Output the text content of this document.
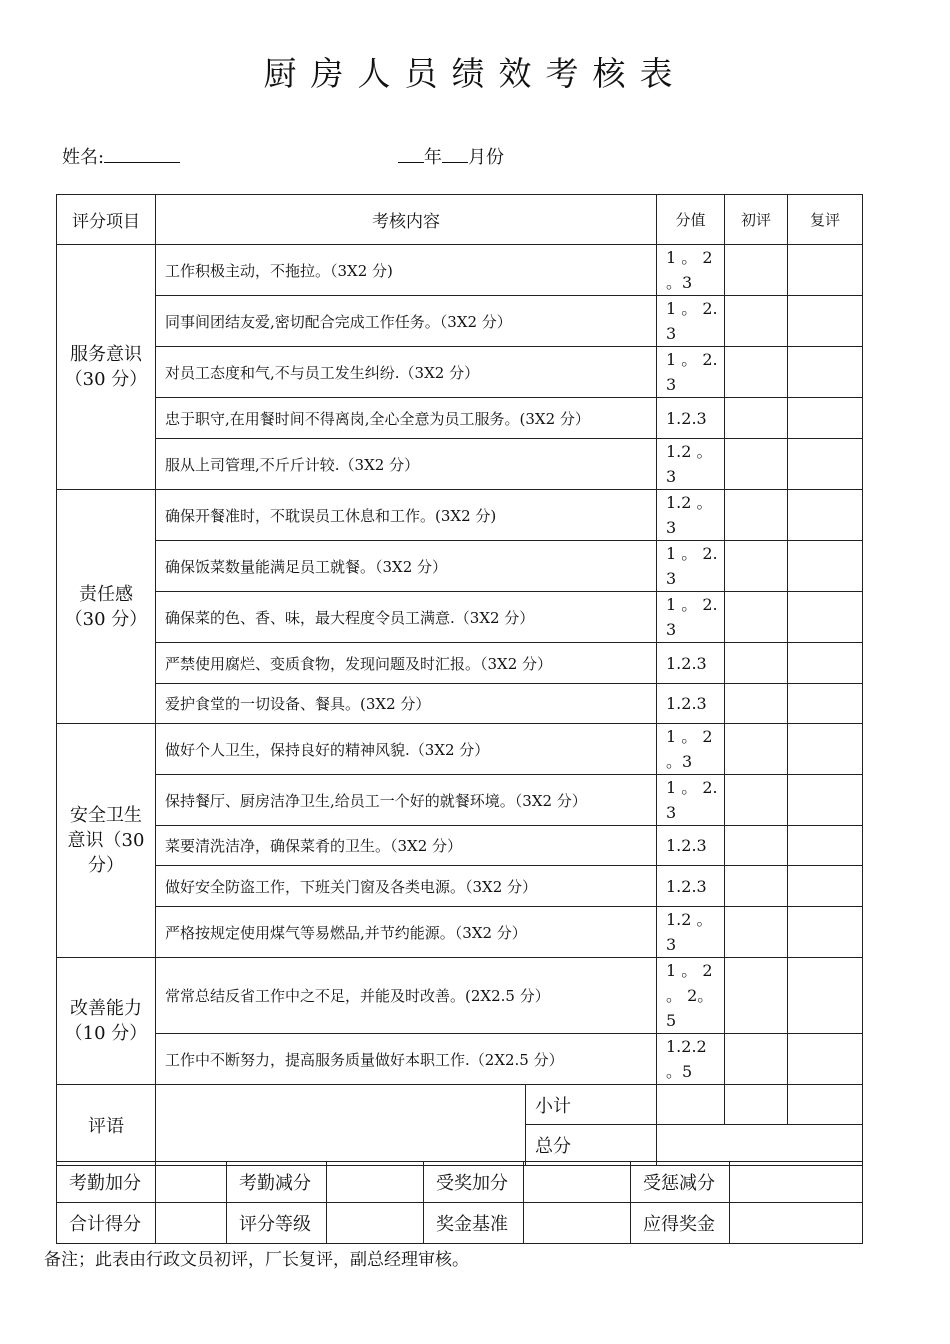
厨房人员绩效考核表
姓名:	年 月份
评分项目	考核内容		分值	初评	复评
服务意识（30 分）	工作积极主动，不拖拉。（3X2 分)		1 。 2 。3		
	同事间团结友爱,密切配合完成工作任务。（3X2 分）		1 。 2.3		
	对员工态度和气,不与员工发生纠纷.（3X2 分）		1 。 2.3		
	忠于职守,在用餐时间不得离岗,全心全意为员工服务。(3X2 分）		1.2.3		
	服从上司管理,不斤斤计较.（3X2 分）		1.2 。3		
责任感（30 分）	确保开餐准时，不耽误员工休息和工作。(3X2 分)		1.2 。3		
	确保饭菜数量能满足员工就餐。（3X2 分）		1 。 2.3		
	确保菜的色、香、味，最大程度令员工满意.（3X2 分）		1 。 2.3		
	严禁使用腐烂、变质食物，发现问题及时汇报。（3X2 分）		1.2.3		
	爱护食堂的一切设备、餐具。(3X2 分）		1.2.3		
安全卫生意识（30 分）	做好个人卫生，保持良好的精神风貌.（3X2 分）		1 。 2 。3		
	保持餐厅、厨房洁净卫生,给员工一个好的就餐环境。（3X2 分）		1 。 2.3		
	菜要清洗洁净，确保菜肴的卫生。（3X2 分）		1.2.3		
	做好安全防盗工作，下班关门窗及各类电源。（3X2 分）		1.2.3		
	严格按规定使用煤气等易燃品,并节约能源。（3X2 分）		1.2 。3		
改善能力（10 分）	常常总结反省工作中之不足，并能及时改善。(2X2.5 分）		1 。 2 。 2。5		
	工作中不断努力，提高服务质量做好本职工作.（2X2.5 分）		1.2.2 。5		
评语		小计			
		总分			
考勤加分		考勤减分		受奖加分		受惩减分	
合计得分		评分等级		奖金基准		应得奖金	
备注；此表由行政文员初评，厂长复评，副总经理审核。
